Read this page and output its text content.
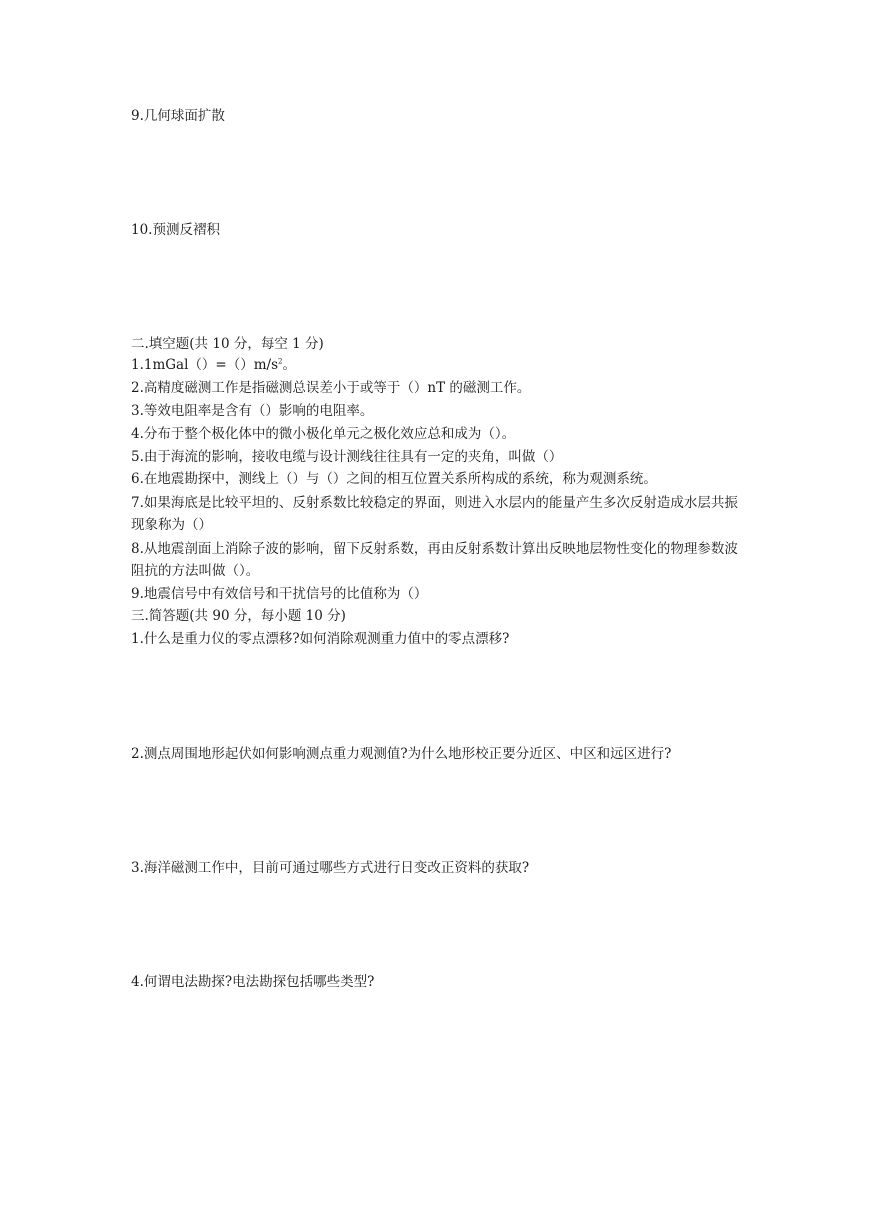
9.几何球面扩散
10.预测反褶积
二.填空题(共 10 分，每空 1 分)
$1.1mGal()=()m/s^2$。
2.高精度磁测工作是指磁测总误差小于或等于（）nT 的磁测工作。
3.等效电阻率是含有（）影响的电阻率。
4.分布于整个极化体中的微小极化单元之极化效应总和成为（）。
5.由于海流的影响，接收电缆与设计测线往往具有一定的夹角，叫做（）
6.在地震勘探中，测线上（）与（）之间的相互位置关系所构成的系统，称为观测系统。
7.如果海底是比较平坦的、反射系数比较稳定的界面，则进入水层内的能量产生多次反射造成水层共振现象称为（）
8.从地震剖面上消除子波的影响，留下反射系数，再由反射系数计算出反映地层物性变化的物理参数波阻抗的方法叫做（）。
9.地震信号中有效信号和干扰信号的比值称为（）
三.简答题(共 90 分，每小题 10 分)
1.什么是重力仪的零点漂移?如何消除观测重力值中的零点漂移?
2.测点周围地形起伏如何影响测点重力观测值?为什么地形校正要分近区、中区和远区进行?
3.海洋磁测工作中，目前可通过哪些方式进行日变改正资料的获取?
4.何谓电法勘探?电法勘探包括哪些类型?
